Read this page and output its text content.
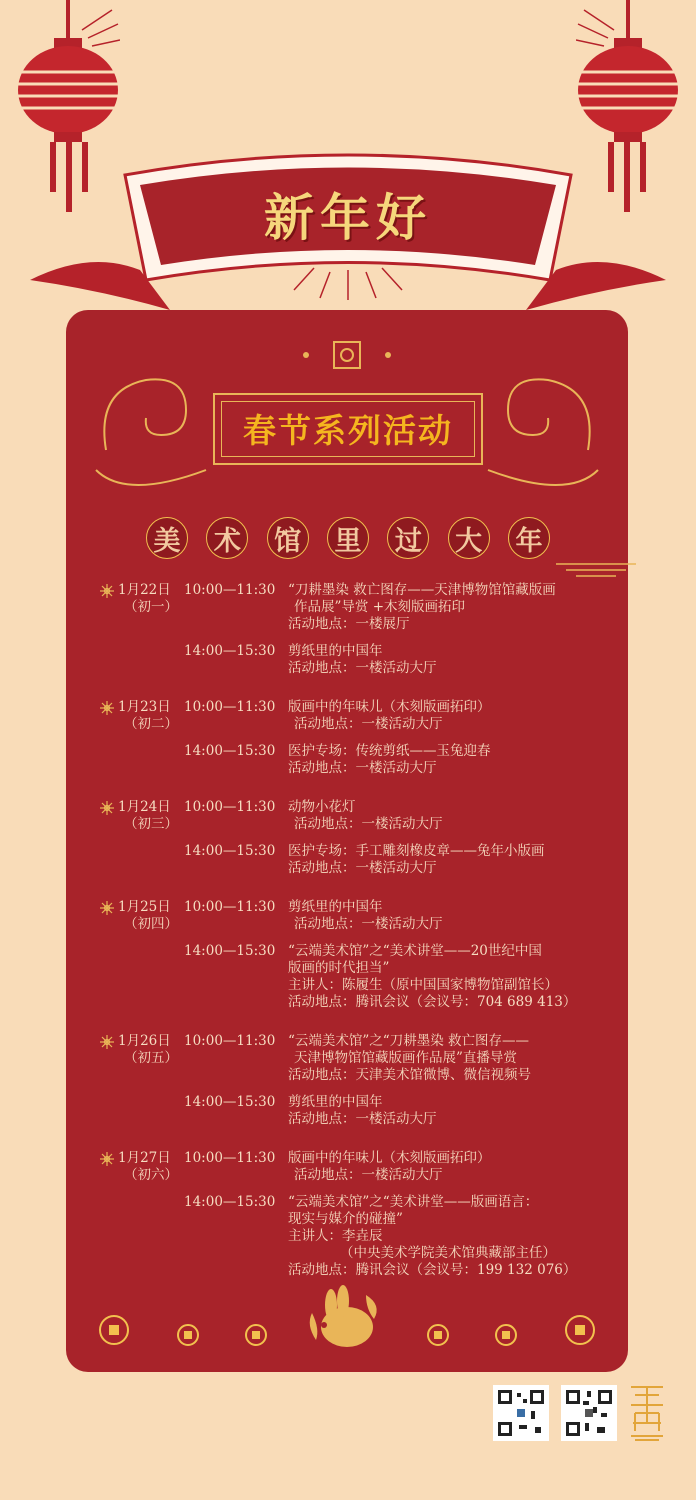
新年好
春节系列活动
美 术 馆 里 过 大 年
1月22日 10:00—11:30 “刀耕墨染 救亡图存——天津博物馆馆藏版画
（初一）	作品展”导赏 +木刻版画拓印
活动地点：一楼展厅
14:00—15:30 剪纸里的中国年
活动地点：一楼活动大厅
1月23日 10:00—11:30 版画中的年味儿（木刻版画拓印）
（初二）	活动地点：一楼活动大厅
14:00—15:30 医护专场：传统剪纸——玉兔迎春
活动地点：一楼活动大厅
1月24日 10:00—11:30 动物小花灯
（初三）	活动地点：一楼活动大厅
14:00—15:30 医护专场：手工雕刻橡皮章——兔年小版画
活动地点：一楼活动大厅
1月25日 10:00—11:30 剪纸里的中国年
（初四）	活动地点：一楼活动大厅
14:00—15:30 “云端美术馆”之“美术讲堂——20世纪中国
版画的时代担当”
主讲人：陈履生（原中国国家博物馆副馆长）
活动地点：腾讯会议（会议号：704 689 413）
1月26日 10:00—11:30 “云端美术馆”之“刀耕墨染 救亡图存——
（初五）	天津博物馆馆藏版画作品展”直播导赏
活动地点：天津美术馆微博、微信视频号
14:00—15:30 剪纸里的中国年
活动地点：一楼活动大厅
1月27日 10:00—11:30 版画中的年味儿（木刻版画拓印）
（初六）	活动地点：一楼活动大厅
14:00—15:30 “云端美术馆”之“美术讲堂——版画语言：
现实与媒介的碰撞”
主讲人：李垚辰
（中央美术学院美术馆典藏部主任）
活动地点：腾讯会议（会议号：199 132 076）
